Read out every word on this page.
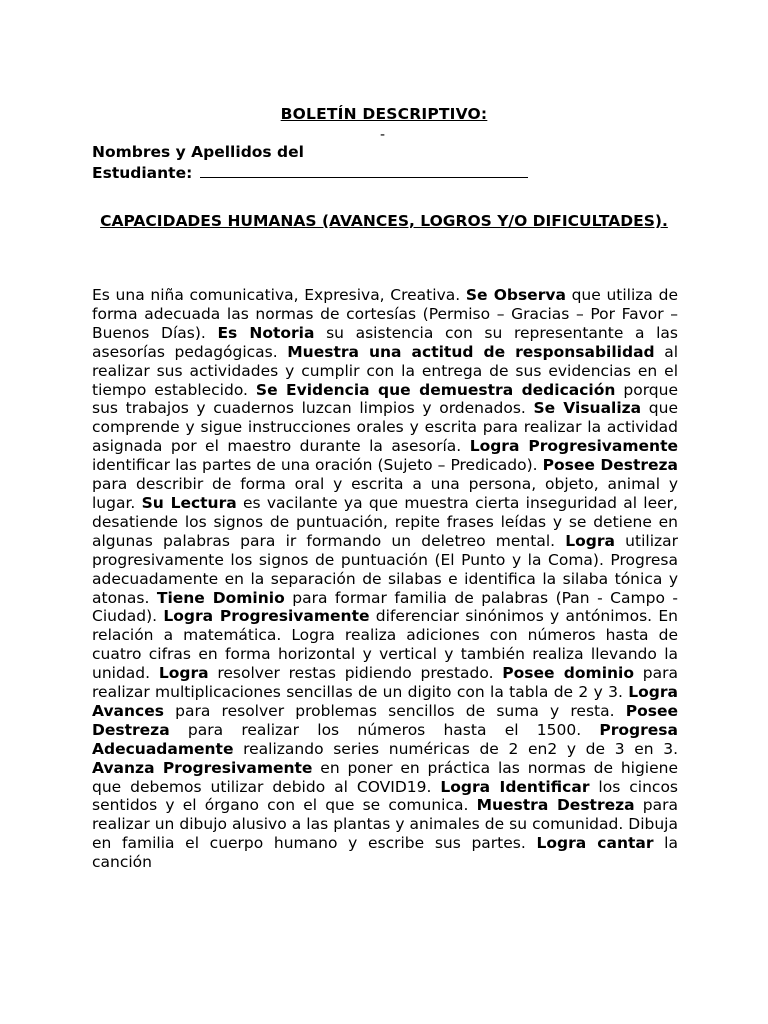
BOLETÍN DESCRIPTIVO:
-
Nombres y Apellidos del
Estudiante:
CAPACIDADES HUMANAS (AVANCES, LOGROS Y/O DIFICULTADES).
Es una niña comunicativa, Expresiva, Creativa. Se Observa que utiliza de forma adecuada las normas de cortesías (Permiso – Gracias – Por Favor – Buenos Días). Es Notoria su asistencia con su representante a las asesorías pedagógicas. Muestra una actitud de responsabilidad al realizar sus actividades y cumplir con la entrega de sus evidencias en el tiempo establecido. Se Evidencia que demuestra dedicación porque sus trabajos y cuadernos luzcan limpios y ordenados. Se Visualiza que comprende y sigue instrucciones orales y escrita para realizar la actividad asignada por el maestro durante la asesoría. Logra Progresivamente identificar las partes de una oración (Sujeto – Predicado). Posee Destreza para describir de forma oral y escrita a una persona, objeto, animal y lugar. Su Lectura es vacilante ya que muestra cierta inseguridad al leer, desatiende los signos de puntuación, repite frases leídas y se detiene en algunas palabras para ir formando un deletreo mental. Logra utilizar progresivamente los signos de puntuación (El Punto y la Coma). Progresa adecuadamente en la separación de silabas e identifica la silaba tónica y atonas. Tiene Dominio para formar familia de palabras (Pan - Campo - Ciudad). Logra Progresivamente diferenciar sinónimos y antónimos. En relación a matemática. Logra realiza adiciones con números hasta de cuatro cifras en forma horizontal y vertical y también realiza llevando la unidad. Logra resolver restas pidiendo prestado. Posee dominio para realizar multiplicaciones sencillas de un digito con la tabla de 2 y 3. Logra Avances para resolver problemas sencillos de suma y resta. Posee Destreza para realizar los números hasta el 1500. Progresa Adecuadamente realizando series numéricas de 2 en2 y de 3 en 3. Avanza Progresivamente en poner en práctica las normas de higiene que debemos utilizar debido al COVID19. Logra Identificar los cincos sentidos y el órgano con el que se comunica. Muestra Destreza para realizar un dibujo alusivo a las plantas y animales de su comunidad. Dibuja en familia el cuerpo humano y escribe sus partes. Logra cantar la canción
